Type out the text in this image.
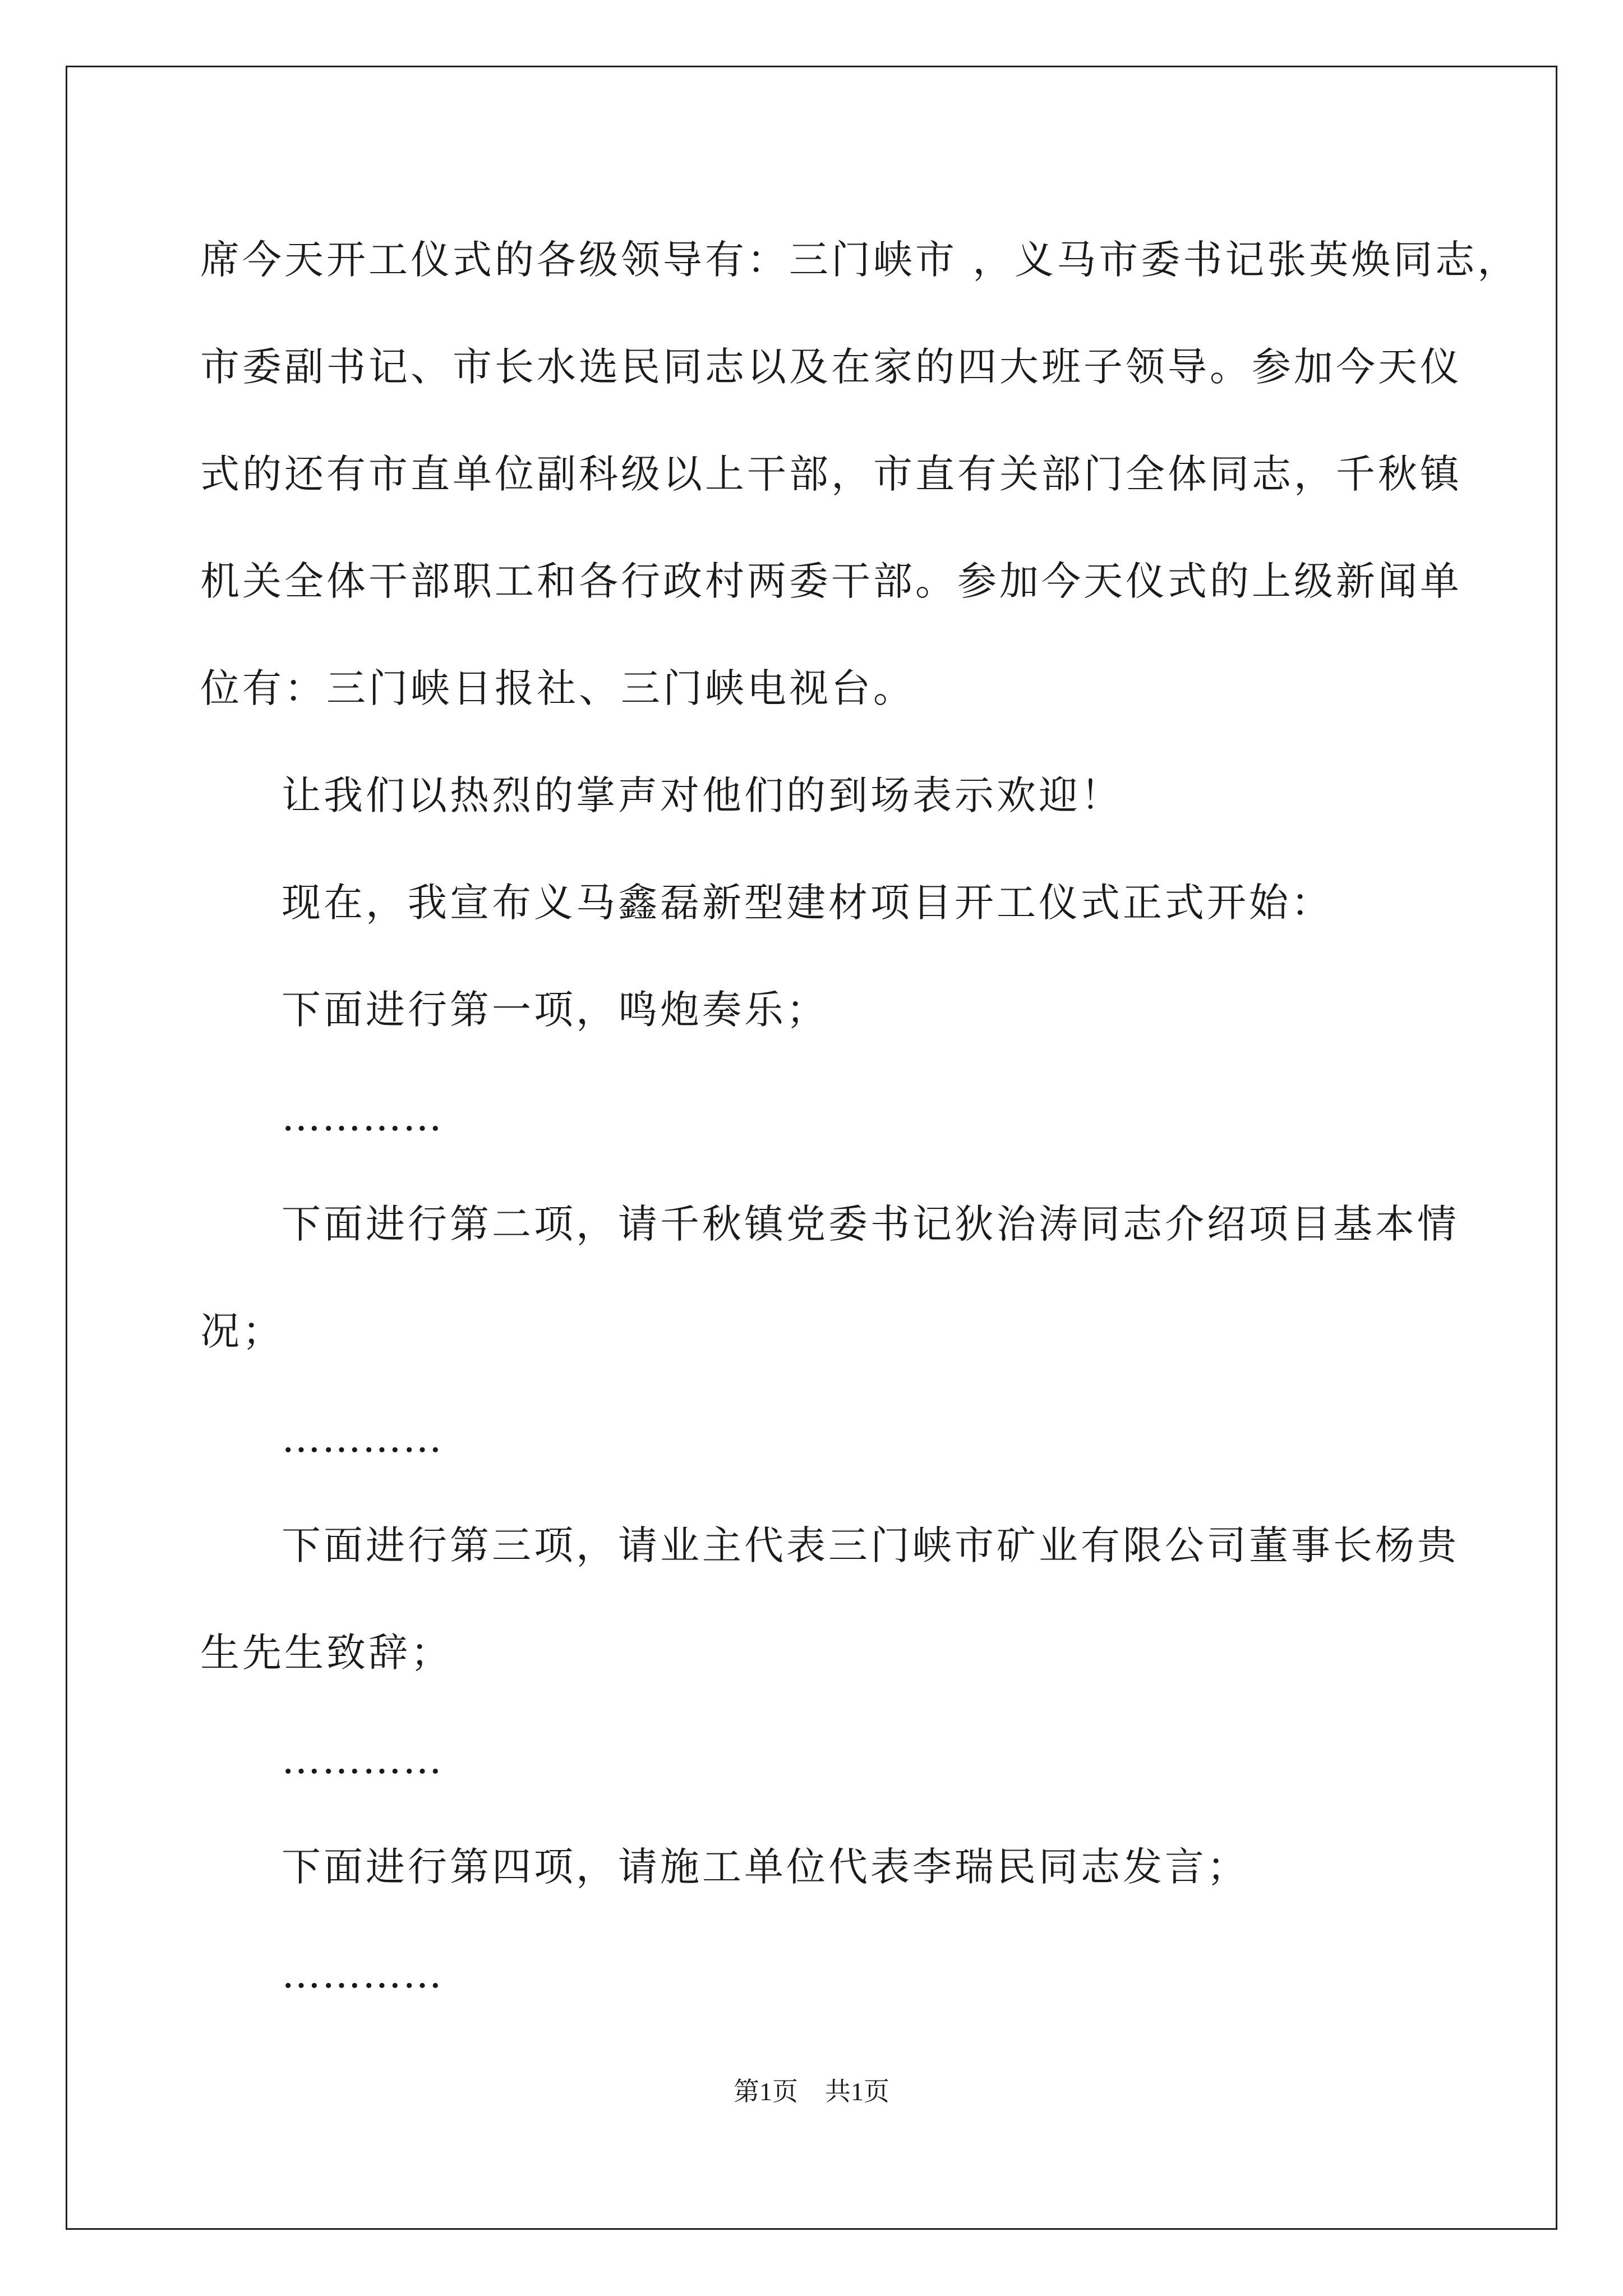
席今天开工仪式的各级领导有：三门峡市 ，义马市委书记张英焕同志，
市委副书记、市长水选民同志以及在家的四大班子领导。参加今天仪
式的还有市直单位副科级以上干部，市直有关部门全体同志，千秋镇
机关全体干部职工和各行政村两委干部。参加今天仪式的上级新闻单
位有：三门峡日报社、三门峡电视台。
让我们以热烈的掌声对他们的到场表示欢迎！
现在，我宣布义马鑫磊新型建材项目开工仪式正式开始：
下面进行第一项，鸣炮奏乐；
…………
下面进行第二项，请千秋镇党委书记狄治涛同志介绍项目基本情
况；
…………
下面进行第三项，请业主代表三门峡市矿业有限公司董事长杨贵
生先生致辞；
…………
下面进行第四项，请施工单位代表李瑞民同志发言；
…………
第1页 共1页
